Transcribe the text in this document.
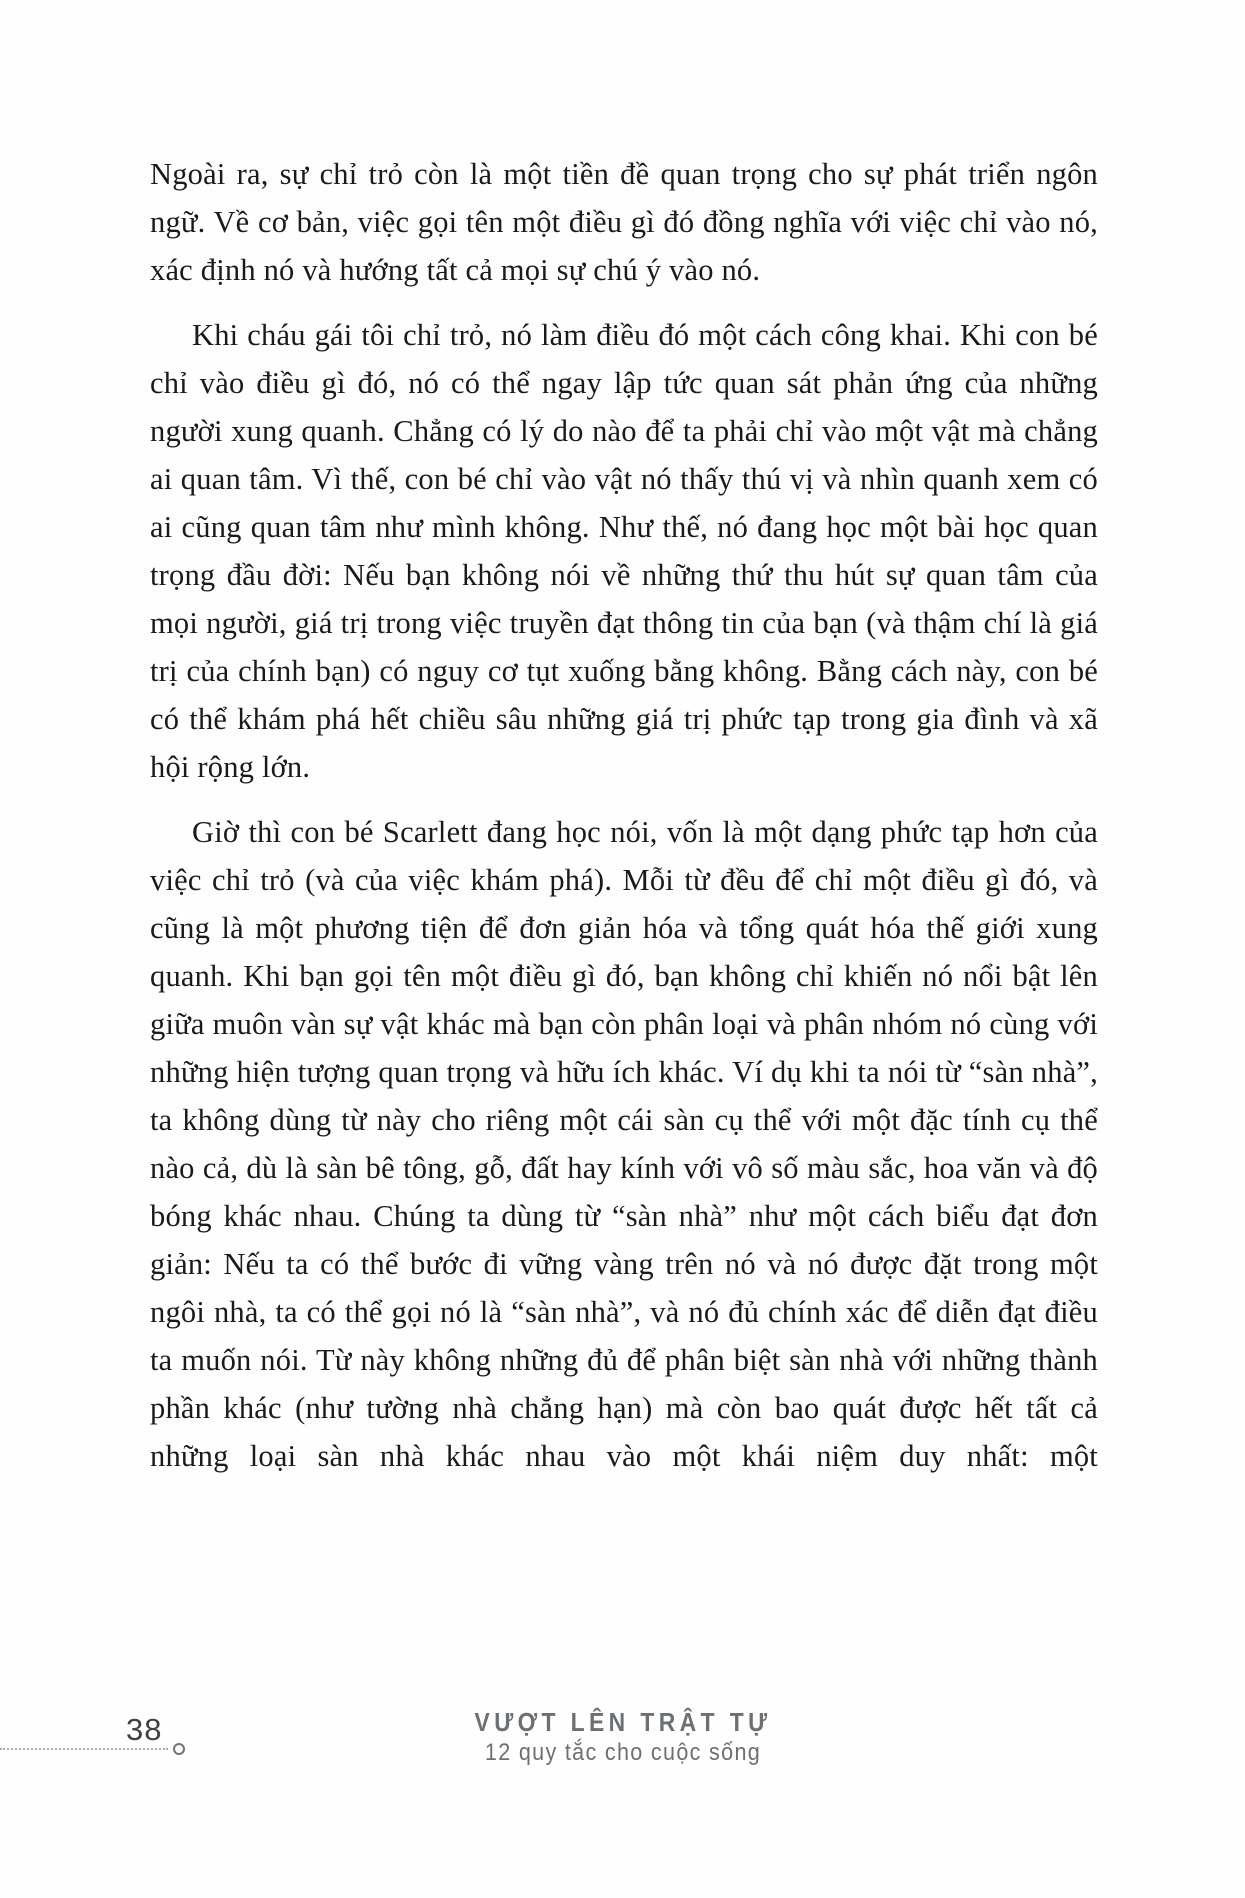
Ngoài ra, sự chỉ trỏ còn là một tiền đề quan trọng cho sự phát triển ngôn ngữ. Về cơ bản, việc gọi tên một điều gì đó đồng nghĩa với việc chỉ vào nó, xác định nó và hướng tất cả mọi sự chú ý vào nó.

Khi cháu gái tôi chỉ trỏ, nó làm điều đó một cách công khai. Khi con bé chỉ vào điều gì đó, nó có thể ngay lập tức quan sát phản ứng của những người xung quanh. Chẳng có lý do nào để ta phải chỉ vào một vật mà chẳng ai quan tâm. Vì thế, con bé chỉ vào vật nó thấy thú vị và nhìn quanh xem có ai cũng quan tâm như mình không. Như thế, nó đang học một bài học quan trọng đầu đời: Nếu bạn không nói về những thứ thu hút sự quan tâm của mọi người, giá trị trong việc truyền đạt thông tin của bạn (và thậm chí là giá trị của chính bạn) có nguy cơ tụt xuống bằng không. Bằng cách này, con bé có thể khám phá hết chiều sâu những giá trị phức tạp trong gia đình và xã hội rộng lớn.

Giờ thì con bé Scarlett đang học nói, vốn là một dạng phức tạp hơn của việc chỉ trỏ (và của việc khám phá). Mỗi từ đều để chỉ một điều gì đó, và cũng là một phương tiện để đơn giản hóa và tổng quát hóa thế giới xung quanh. Khi bạn gọi tên một điều gì đó, bạn không chỉ khiến nó nổi bật lên giữa muôn vàn sự vật khác mà bạn còn phân loại và phân nhóm nó cùng với những hiện tượng quan trọng và hữu ích khác. Ví dụ khi ta nói từ “sàn nhà”, ta không dùng từ này cho riêng một cái sàn cụ thể với một đặc tính cụ thể nào cả, dù là sàn bê tông, gỗ, đất hay kính với vô số màu sắc, hoa văn và độ bóng khác nhau. Chúng ta dùng từ “sàn nhà” như một cách biểu đạt đơn giản: Nếu ta có thể bước đi vững vàng trên nó và nó được đặt trong một ngôi nhà, ta có thể gọi nó là “sàn nhà”, và nó đủ chính xác để diễn đạt điều ta muốn nói. Từ này không những đủ để phân biệt sàn nhà với những thành phần khác (như tường nhà chẳng hạn) mà còn bao quát được hết tất cả những loại sàn nhà khác nhau vào một khái niệm duy nhất: một

38	VƯỢT LÊN TRẬT TỰ
12 quy tắc cho cuộc sống
